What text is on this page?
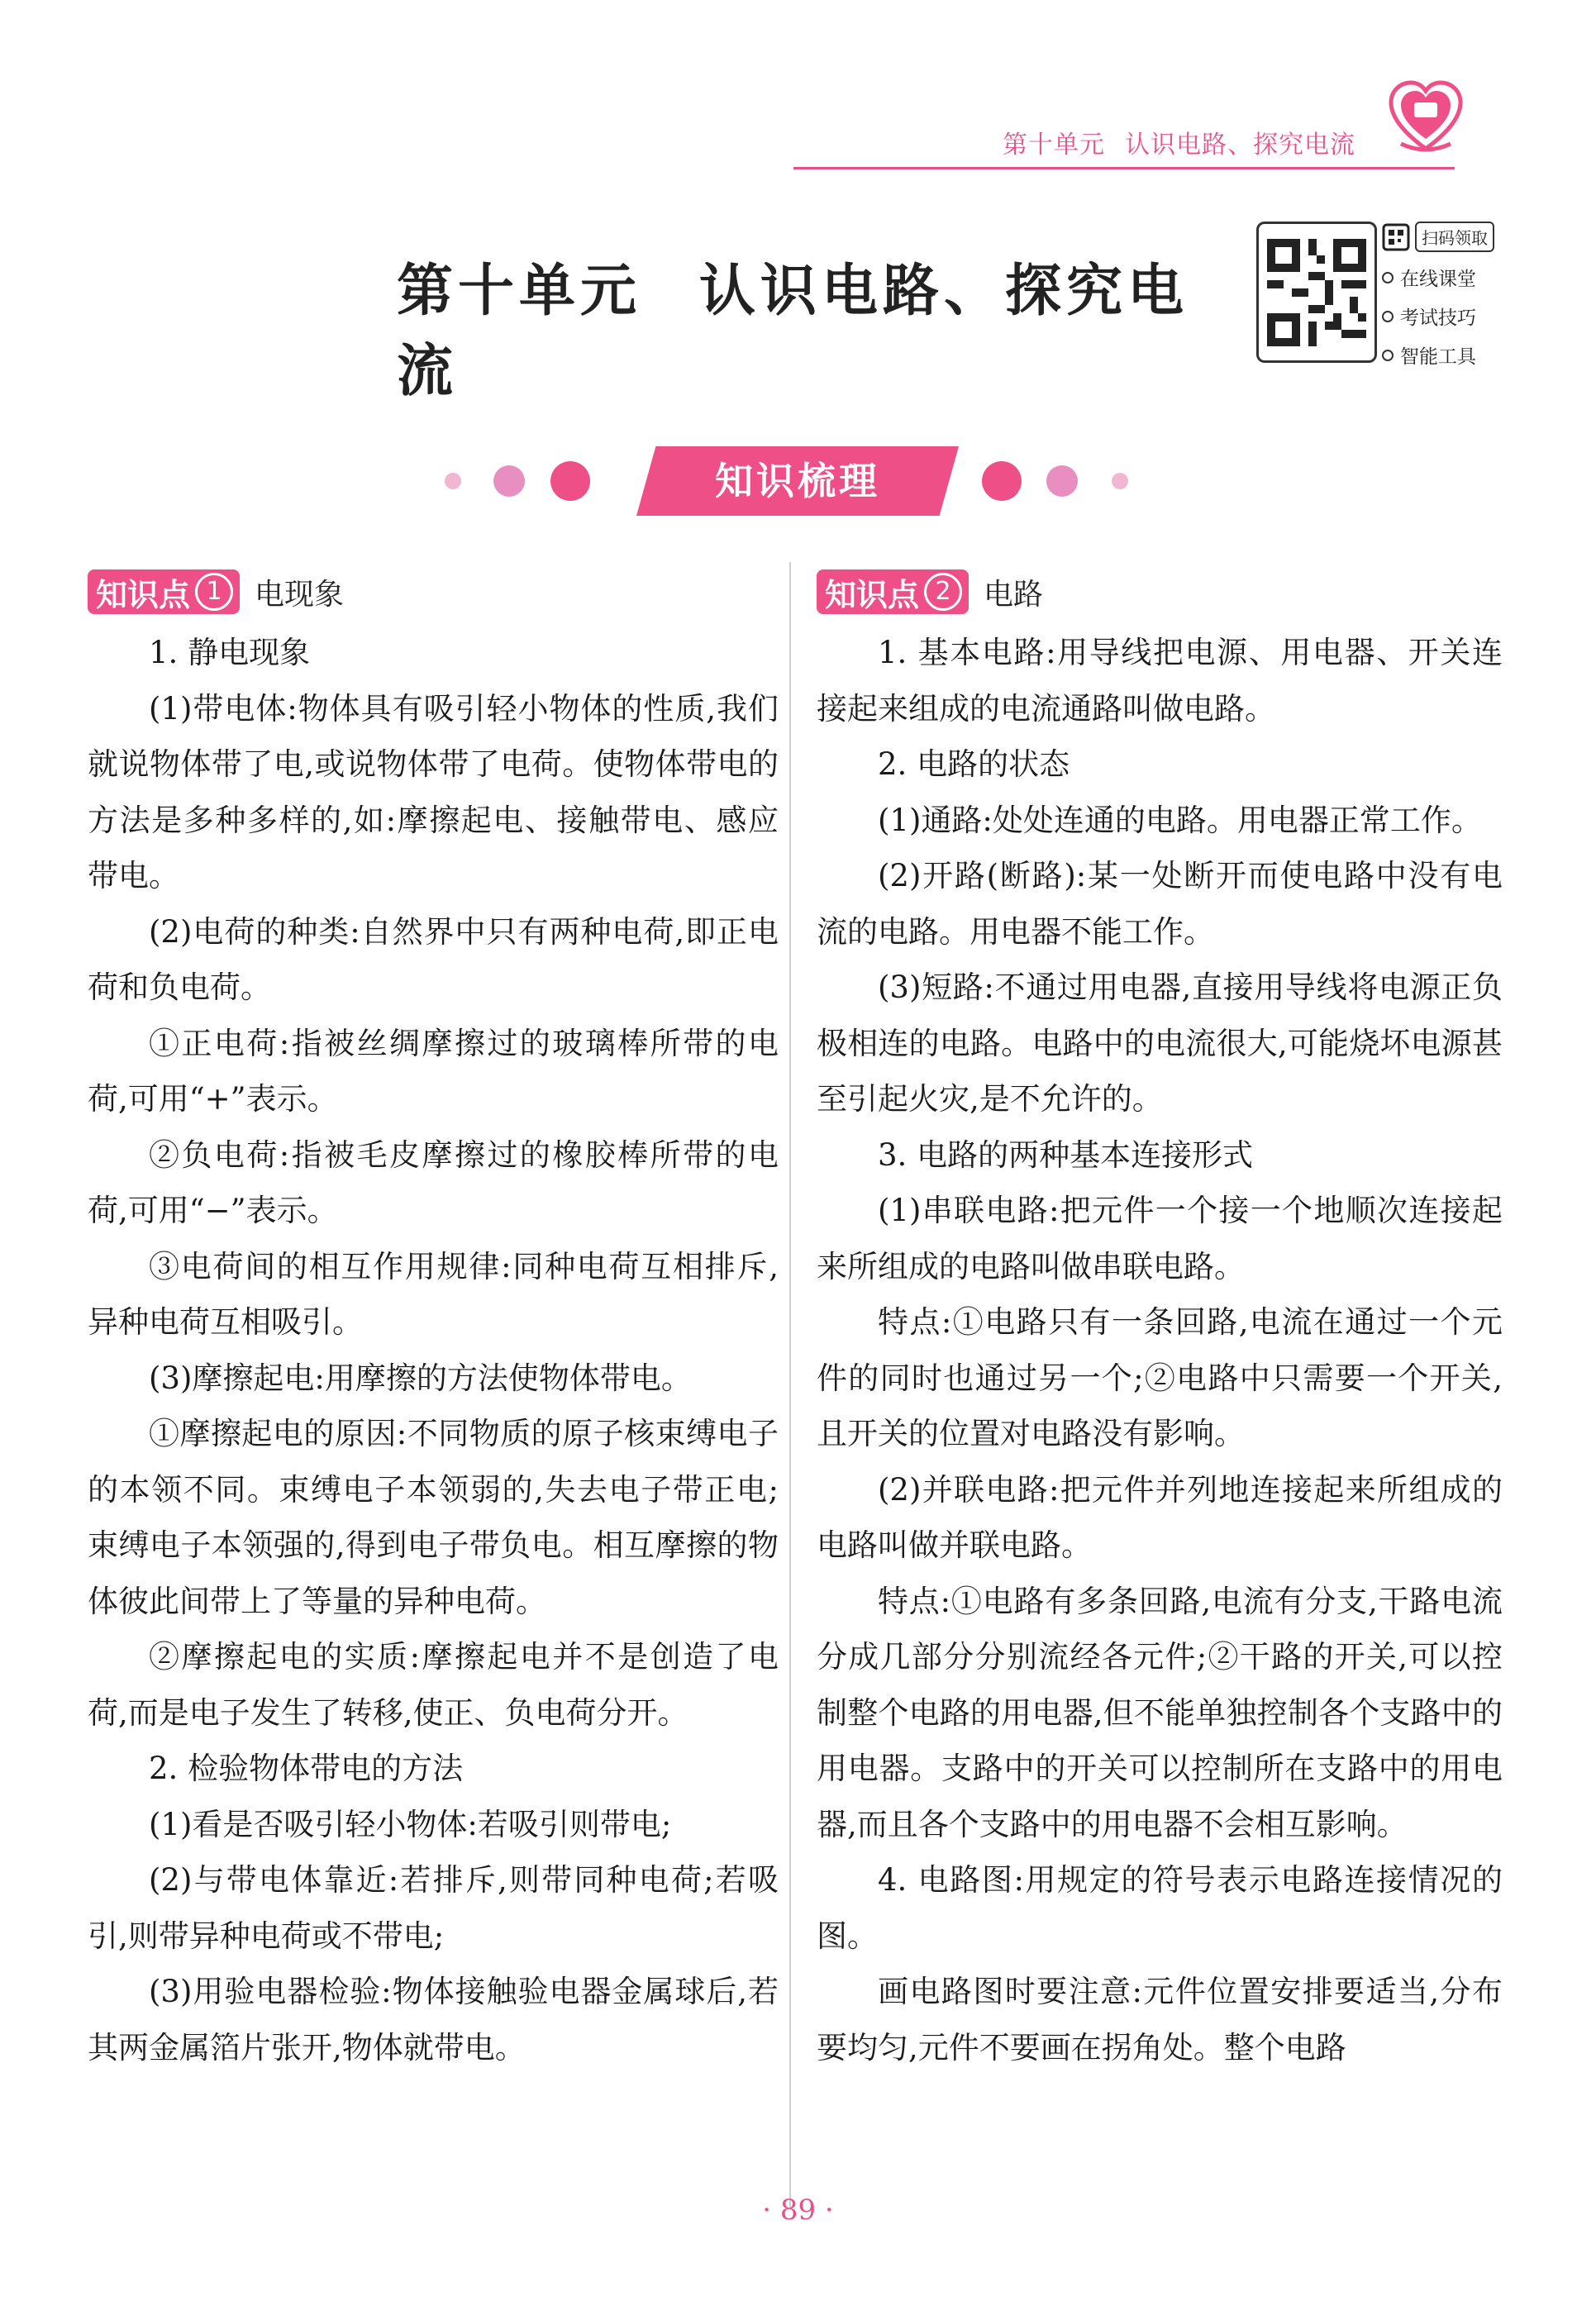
第十单元 认识电路、探究电流
第十单元 认识电路、探究电流
扫码领取
在线课堂
考试技巧
智能工具
知识梳理
知识点 1	电现象

1. 静电现象

(1)带电体:物体具有吸引轻小物体的性质,我们就说物体带了电,或说物体带了电荷。使物体带电的方法是多种多样的,如:摩擦起电、接触带电、感应带电。

(2)电荷的种类:自然界中只有两种电荷,即正电荷和负电荷。

①正电荷:指被丝绸摩擦过的玻璃棒所带的电荷,可用“+”表示。

②负电荷:指被毛皮摩擦过的橡胶棒所带的电荷,可用“−”表示。

③电荷间的相互作用规律:同种电荷互相排斥,异种电荷互相吸引。

(3)摩擦起电:用摩擦的方法使物体带电。

①摩擦起电的原因:不同物质的原子核束缚电子的本领不同。束缚电子本领弱的,失去电子带正电;束缚电子本领强的,得到电子带负电。相互摩擦的物体彼此间带上了等量的异种电荷。

②摩擦起电的实质:摩擦起电并不是创造了电荷,而是电子发生了转移,使正、负电荷分开。

2. 检验物体带电的方法

(1)看是否吸引轻小物体:若吸引则带电;

(2)与带电体靠近:若排斥,则带同种电荷;若吸引,则带异种电荷或不带电;

(3)用验电器检验:物体接触验电器金属球后,若其两金属箔片张开,物体就带电。

知识点 2	电路

1. 基本电路:用导线把电源、用电器、开关连接起来组成的电流通路叫做电路。

2. 电路的状态

(1)通路:处处连通的电路。用电器正常工作。

(2)开路(断路):某一处断开而使电路中没有电流的电路。用电器不能工作。

(3)短路:不通过用电器,直接用导线将电源正负极相连的电路。电路中的电流很大,可能烧坏电源甚至引起火灾,是不允许的。

3. 电路的两种基本连接形式

(1)串联电路:把元件一个接一个地顺次连接起来所组成的电路叫做串联电路。

特点:①电路只有一条回路,电流在通过一个元件的同时也通过另一个;②电路中只需要一个开关,且开关的位置对电路没有影响。

(2)并联电路:把元件并列地连接起来所组成的电路叫做并联电路。

特点:①电路有多条回路,电流有分支,干路电流分成几部分分别流经各元件;②干路的开关,可以控制整个电路的用电器,但不能单独控制各个支路中的用电器。支路中的开关可以控制所在支路中的用电器,而且各个支路中的用电器不会相互影响。

4. 电路图:用规定的符号表示电路连接情况的图。

画电路图时要注意:元件位置安排要适当,分布要均匀,元件不要画在拐角处。整个电路

· 89 ·
